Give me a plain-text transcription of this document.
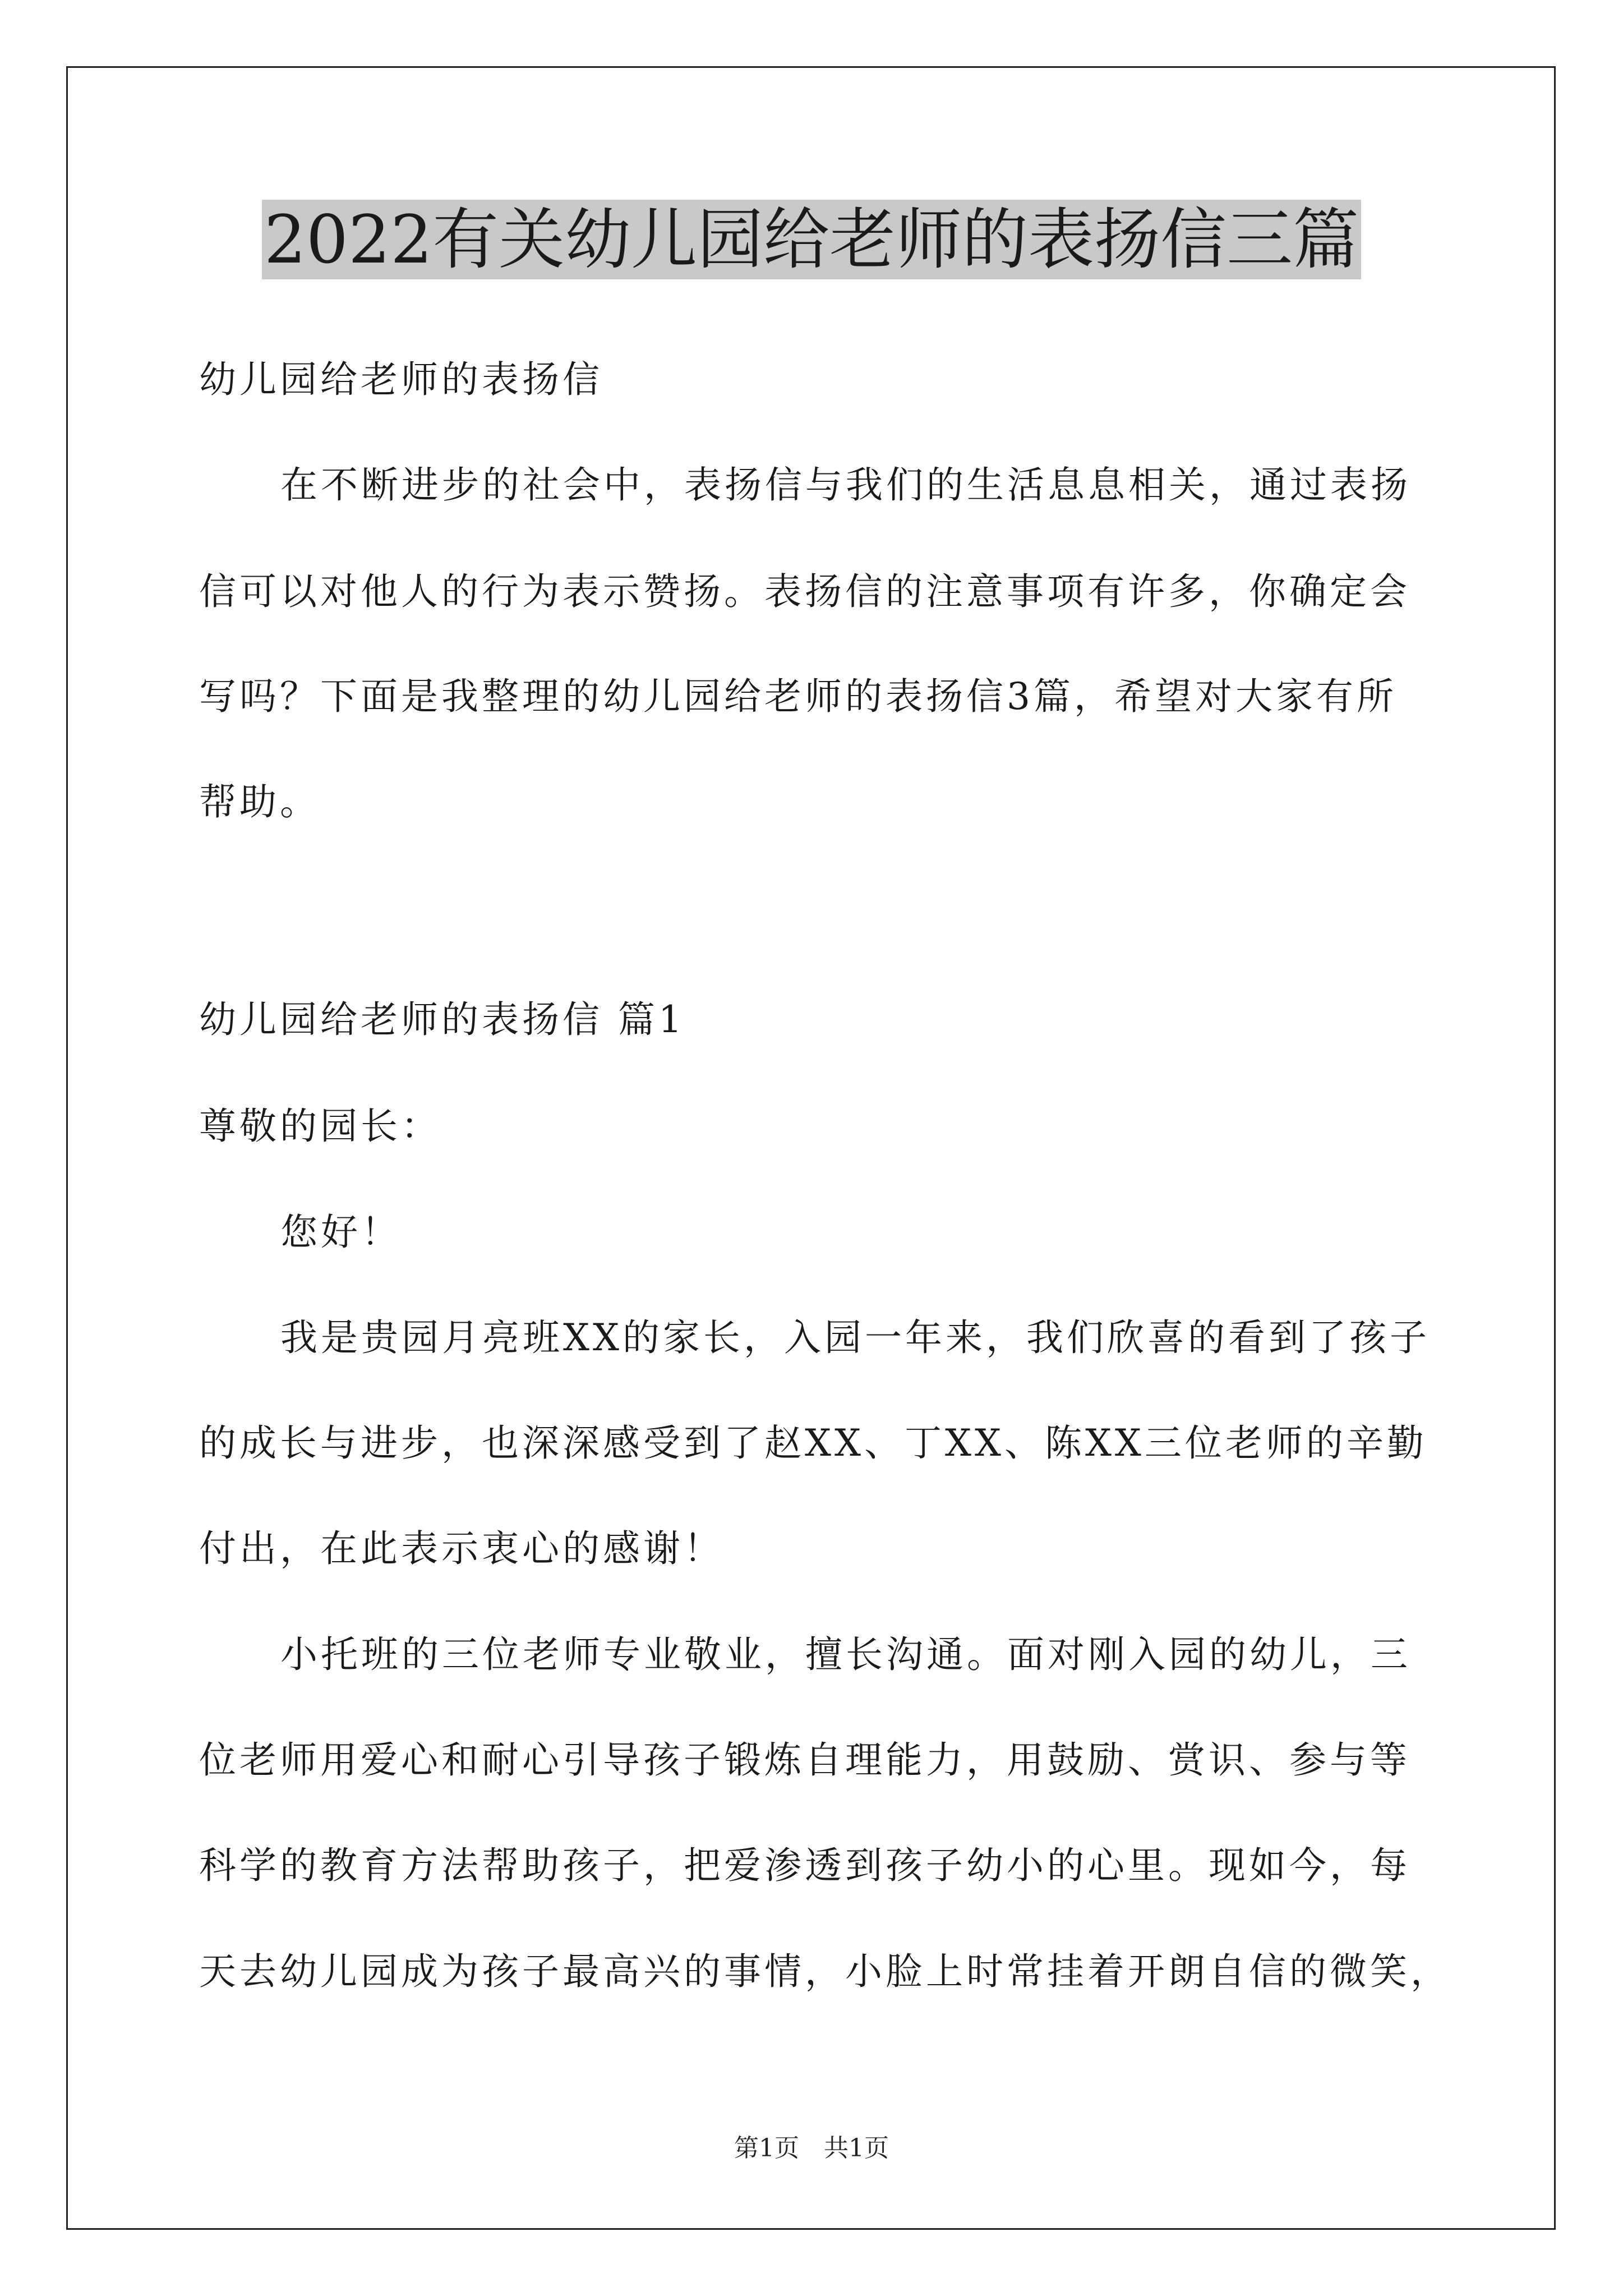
2022有关幼儿园给老师的表扬信三篇
幼儿园给老师的表扬信
在不断进步的社会中，表扬信与我们的生活息息相关，通过表扬
信可以对他人的行为表示赞扬。表扬信的注意事项有许多，你确定会
写吗？下面是我整理的幼儿园给老师的表扬信3篇，希望对大家有所
帮助。
幼儿园给老师的表扬信 篇1
尊敬的园长：
您好！
我是贵园月亮班XX的家长，入园一年来，我们欣喜的看到了孩子
的成长与进步，也深深感受到了赵XX、丁XX、陈XX三位老师的辛勤
付出，在此表示衷心的感谢！
小托班的三位老师专业敬业，擅长沟通。面对刚入园的幼儿，三
位老师用爱心和耐心引导孩子锻炼自理能力，用鼓励、赏识、参与等
科学的教育方法帮助孩子，把爱渗透到孩子幼小的心里。现如今，每
天去幼儿园成为孩子最高兴的事情，小脸上时常挂着开朗自信的微笑，
第1页　共1页
